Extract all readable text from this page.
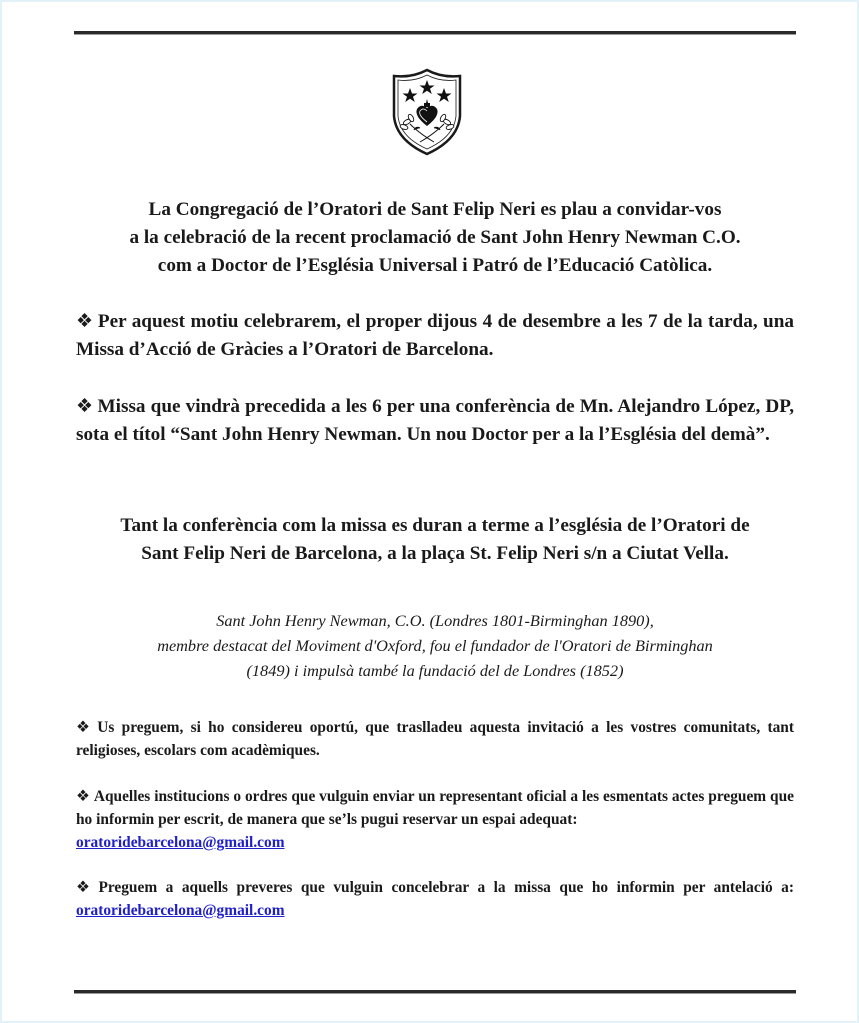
La Congregació de l’Oratori de Sant Felip Neri es plau a convidar-vos

a la celebració de la recent proclamació de Sant John Henry Newman C.O.

com a Doctor de l’Església Universal i Patró de l’Educació Catòlica.

❖ Per aquest motiu celebrarem, el proper dijous 4 de desembre a les 7 de la tarda, una Missa d’Acció de Gràcies a l’Oratori de Barcelona.

❖ Missa que vindrà precedida a les 6 per una conferència de Mn. Alejandro López, DP, sota el títol “Sant John Henry Newman. Un nou Doctor per a la l’Església del demà”.

Tant la conferència com la missa es duran a terme a l’església de l’Oratori de

Sant Felip Neri de Barcelona, a la plaça St. Felip Neri s/n a Ciutat Vella.

Sant John Henry Newman, C.O. (Londres 1801-Birminghan 1890),

membre destacat del Moviment d'Oxford, fou el fundador de l'Oratori de Birminghan

(1849) i impulsà també la fundació del de Londres (1852)

❖ Us preguem, si ho considereu oportú, que traslladeu aquesta invitació a les vostres comunitats, tant religioses, escolars com acadèmiques.

❖ Aquelles institucions o ordres que vulguin enviar un representant oficial a les esmentats actes preguem que ho informin per escrit, de manera que se’ls pugui reservar un espai adequat:
oratoridebarcelona@gmail.com

❖ Preguem a aquells preveres que vulguin concelebrar a la missa que ho informin per antelació a: oratoridebarcelona@gmail.com
